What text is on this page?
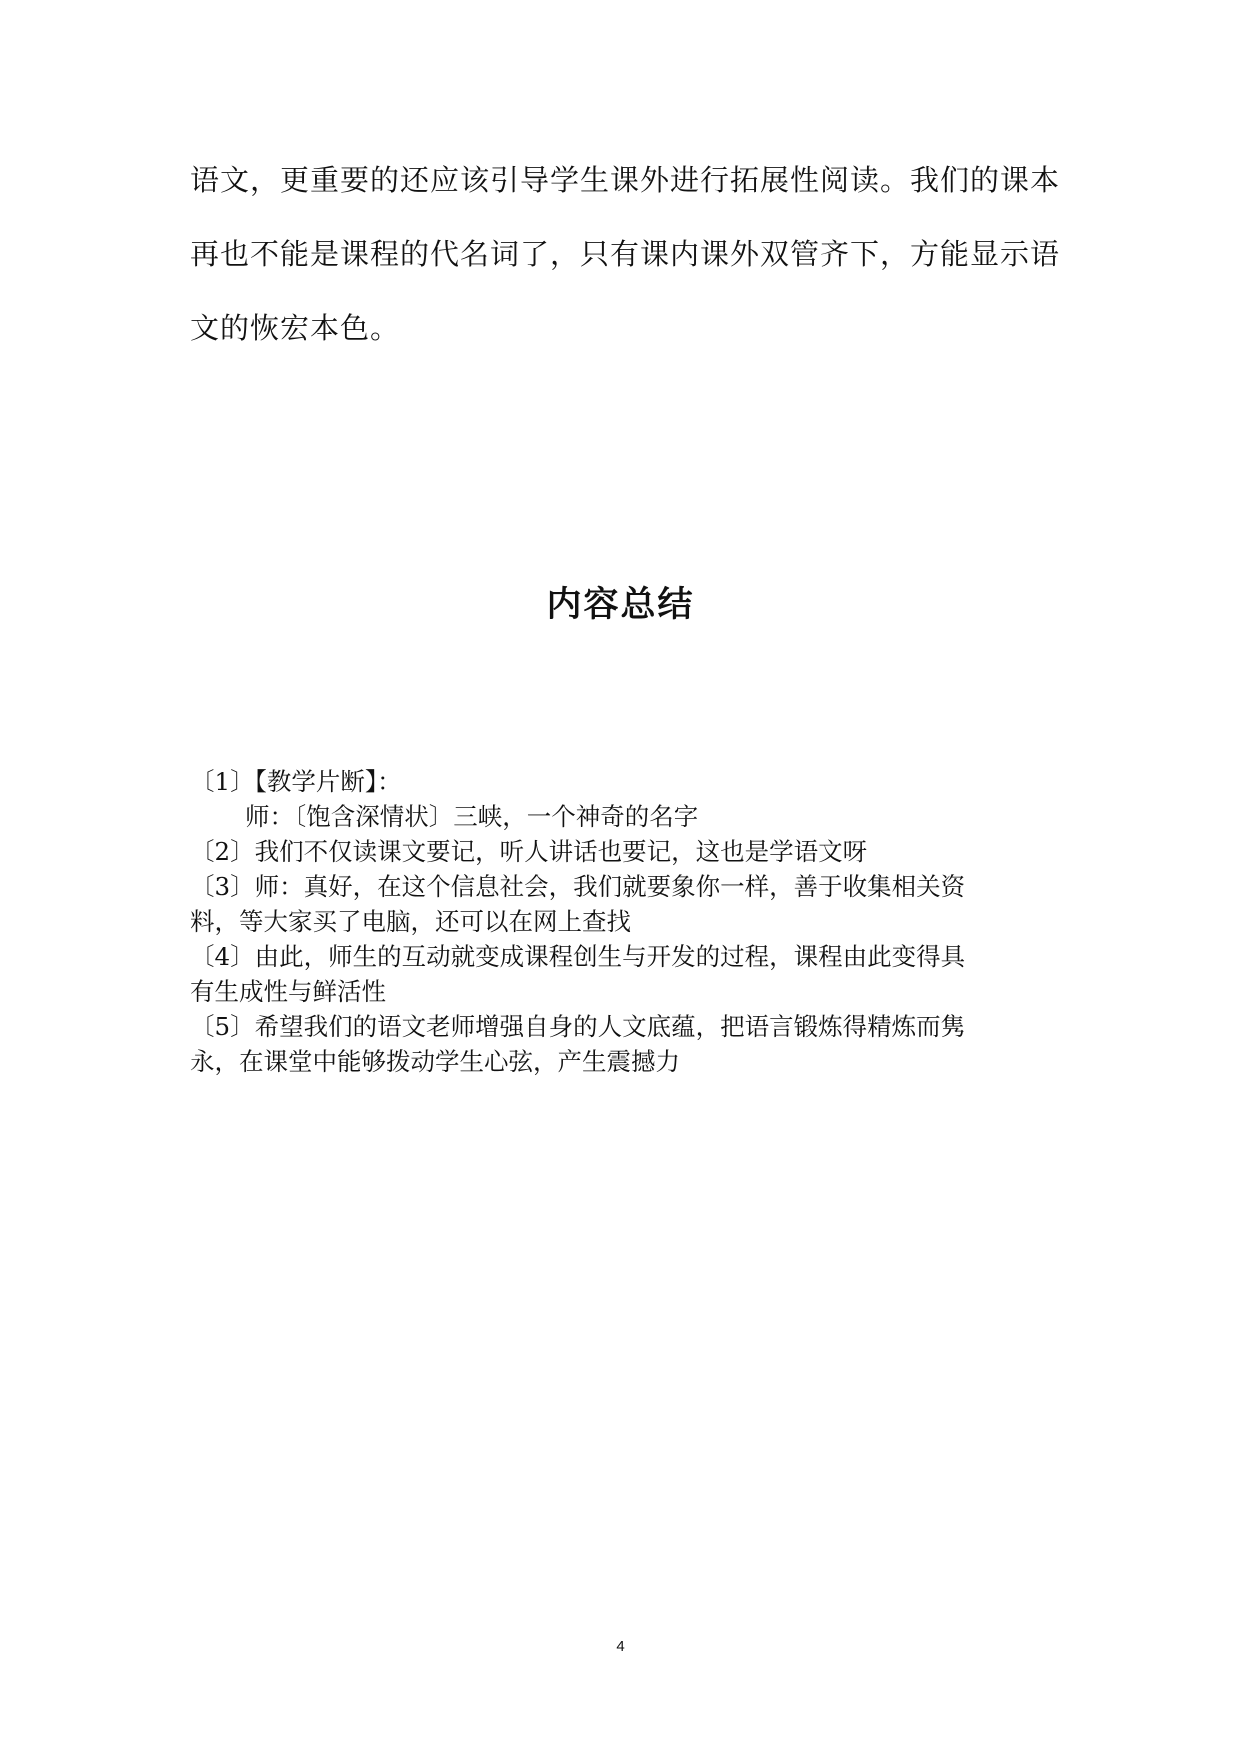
语文，更重要的还应该引导学生课外进行拓展性阅读。我们的课本
再也不能是课程的代名词了，只有课内课外双管齐下，方能显示语
文的恢宏本色。
内容总结
〔1〕【教学片断】：
师：〔饱含深情状〕三峡，一个神奇的名字
〔2〕我们不仅读课文要记，听人讲话也要记，这也是学语文呀
〔3〕师：真好，在这个信息社会，我们就要象你一样，善于收集相关资
料，等大家买了电脑，还可以在网上查找
〔4〕由此，师生的互动就变成课程创生与开发的过程，课程由此变得具
有生成性与鲜活性
〔5〕希望我们的语文老师增强自身的人文底蕴，把语言锻炼得精炼而隽
永，在课堂中能够拨动学生心弦，产生震撼力
4
